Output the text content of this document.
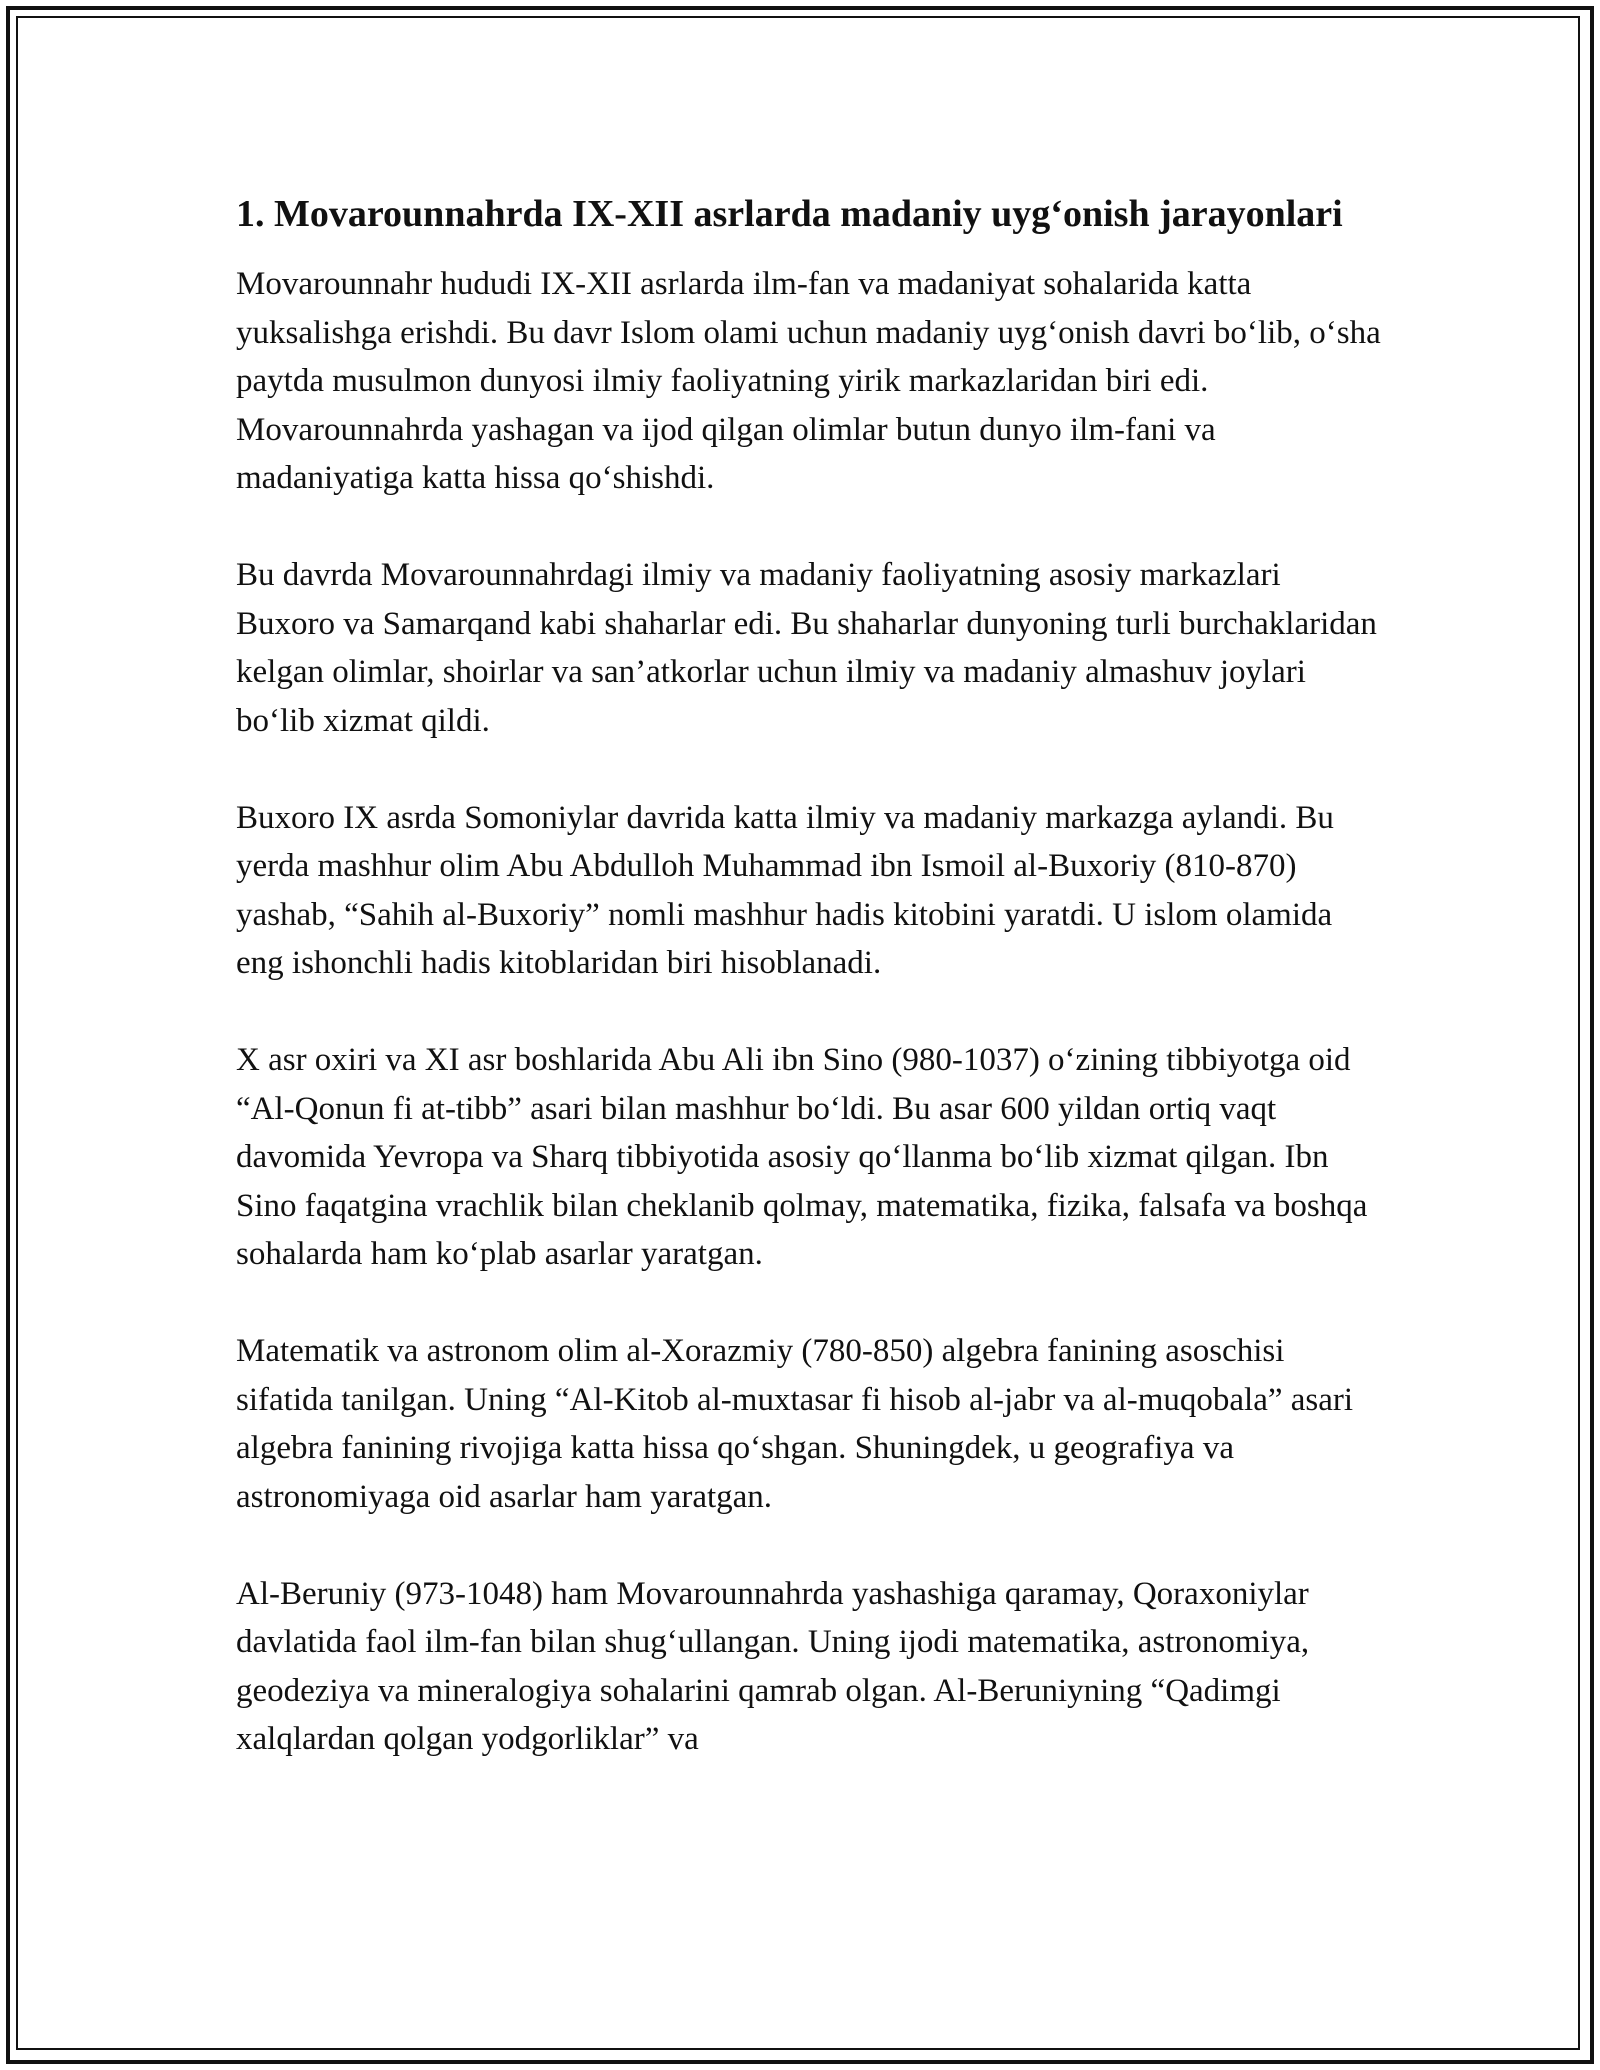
1. Movarounnahrda IX-XII asrlarda madaniy uyg‘onish jarayonlari

Movarounnahr hududi IX-XII asrlarda ilm-fan va madaniyat sohalarida katta yuksalishga erishdi. Bu davr Islom olami uchun madaniy uyg‘onish davri bo‘lib, o‘sha paytda musulmon dunyosi ilmiy faoliyatning yirik markazlaridan biri edi. Movarounnahrda yashagan va ijod qilgan olimlar butun dunyo ilm-fani va madaniyatiga katta hissa qo‘shishdi.

Bu davrda Movarounnahrdagi ilmiy va madaniy faoliyatning asosiy markazlari Buxoro va Samarqand kabi shaharlar edi. Bu shaharlar dunyoning turli burchaklaridan kelgan olimlar, shoirlar va san’atkorlar uchun ilmiy va madaniy almashuv joylari bo‘lib xizmat qildi.

Buxoro IX asrda Somoniylar davrida katta ilmiy va madaniy markazga aylandi. Bu yerda mashhur olim Abu Abdulloh Muhammad ibn Ismoil al-Buxoriy (810-870) yashab, “Sahih al-Buxoriy” nomli mashhur hadis kitobini yaratdi. U islom olamida eng ishonchli hadis kitoblaridan biri hisoblanadi.

X asr oxiri va XI asr boshlarida Abu Ali ibn Sino (980-1037) o‘zining tibbiyotga oid “Al-Qonun fi at-tibb” asari bilan mashhur bo‘ldi. Bu asar 600 yildan ortiq vaqt davomida Yevropa va Sharq tibbiyotida asosiy qo‘llanma bo‘lib xizmat qilgan. Ibn Sino faqatgina vrachlik bilan cheklanib qolmay, matematika, fizika, falsafa va boshqa sohalarda ham ko‘plab asarlar yaratgan.

Matematik va astronom olim al-Xorazmiy (780-850) algebra fanining asoschisi sifatida tanilgan. Uning “Al-Kitob al-muxtasar fi hisob al-jabr va al-muqobala” asari algebra fanining rivojiga katta hissa qo‘shgan. Shuningdek, u geografiya va astronomiyaga oid asarlar ham yaratgan.

Al-Beruniy (973-1048) ham Movarounnahrda yashashiga qaramay, Qoraxoniylar davlatida faol ilm-fan bilan shug‘ullangan. Uning ijodi matematika, astronomiya, geodeziya va mineralogiya sohalarini qamrab olgan. Al-Beruniyning “Qadimgi xalqlardan qolgan yodgorliklar” va
